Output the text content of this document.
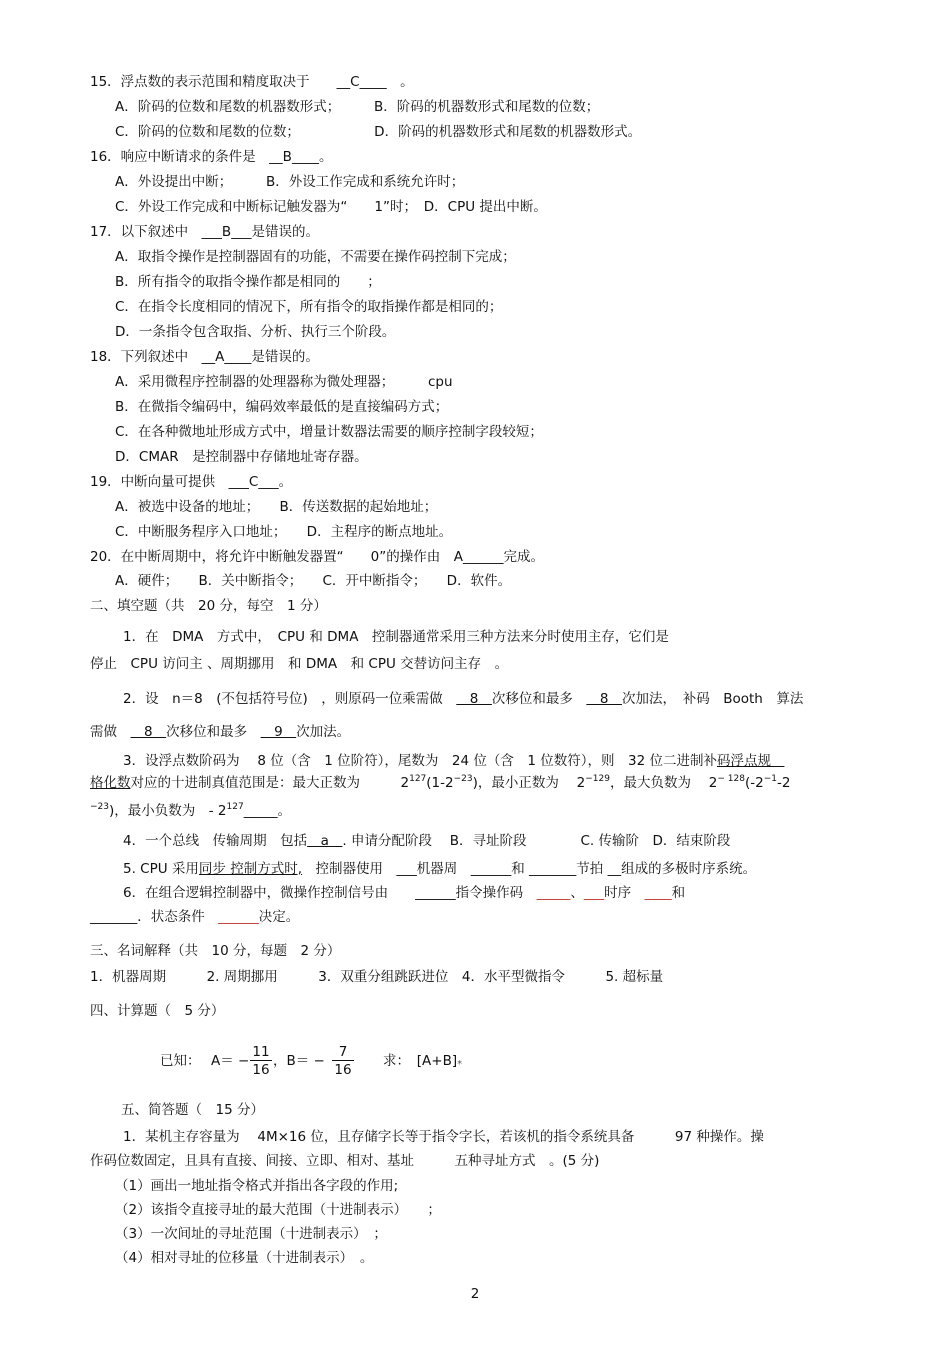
15．浮点数的表示范围和精度取决于　　__C____　。
A．阶码的位数和尾数的机器数形式；　　　B．阶码的机器数形式和尾数的位数；
C．阶码的位数和尾数的位数；　　　　　　D．阶码的机器数形式和尾数的机器数形式。
16．响应中断请求的条件是　__B____。
A．外设提出中断；　　　B．外设工作完成和系统允许时；
C．外设工作完成和中断标记触发器为“　　1”时；　D．CPU 提出中断。
17．以下叙述中　___B___是错误的。
A．取指令操作是控制器固有的功能，不需要在操作码控制下完成；
B．所有指令的取指令操作都是相同的　　；
C．在指令长度相同的情况下，所有指令的取指操作都是相同的；
D．一条指令包含取指、分析、执行三个阶段。
18．下列叙述中　__A____是错误的。
A．采用微程序控制器的处理器称为微处理器；　　　cpu
B．在微指令编码中，编码效率最低的是直接编码方式；
C．在各种微地址形成方式中，增量计数器法需要的顺序控制字段较短；
D．CMAR　是控制器中存储地址寄存器。
19．中断向量可提供　___C___。
A．被选中设备的地址；　　B．传送数据的起始地址；
C．中断服务程序入口地址；　　D．主程序的断点地址。
20．在中断周期中，将允许中断触发器置“　　0”的操作由　A______完成。
A．硬件；　　B．关中断指令；　　C．开中断指令；　　D．软件。
二、填空题（共　20 分，每空　1 分）
1．在　DMA　方式中，　CPU 和 DMA　控制器通常采用三种方法来分时使用主存，它们是
停止　CPU 访问主 、周期挪用　和 DMA　和 CPU 交替访问主存　。
2．设　n＝8　(不包括符号位)　，则原码一位乘需做　　8　次移位和最多　　8　次加法，　补码　Booth　算法
需做　　8　次移位和最多　　9　次加法。
3．设浮点数阶码为　 8 位（含　1 位阶符），尾数为　24 位（含　1 位数符），则　32 位二进制补码浮点规　
格化数对应的十进制真值范围是：最大正数为　　　$2^{127}(1-2^{-23})$，最小正数为　 $2^{-129}$，最大负数为　 $2^{- 128}(-2^{-1}-2$
$^{-23}$)，最小负数为　- $2^{127}\_\_\_\_\_$。
4．一个总线　传输周期　包括　a　. 申请分配阶段　 B．寻址阶段　　　　C. 传输阶　D．结束阶段
5. CPU 采用同步 控制方式时,　控制器使用　___机器周　______和 _______节拍 __组成的多极时序系统。
6．在组合逻辑控制器中，微操作控制信号由　　______指令操作码　_____、___时序　____和
_______．状态条件　______决定。
三、名词解释（共　10 分，每题　2 分）
1．机器周期　　　2. 周期挪用　　　3．双重分组跳跃进位　4．水平型微指令　　　5. 超标量
四、计算题（　5 分）
已知： $A= - \frac{11}{16}$ ，$B= - \frac{7}{16}$ 求：　[A+B]*
五、简答题（　15 分）
1．某机主存容量为　 4M×16 位，且存储字长等于指令字长，若该机的指令系统具备　　　97 种操作。操
作码位数固定，且具有直接、间接、立即、相对、基址　　　五种寻址方式　。(5 分)
（1）画出一地址指令格式并指出各字段的作用;
（2）该指令直接寻址的最大范围（十进制表示）　　；
（3）一次间址的寻址范围（十进制表示）　；
（4）相对寻址的位移量（十进制表示）　。
2
